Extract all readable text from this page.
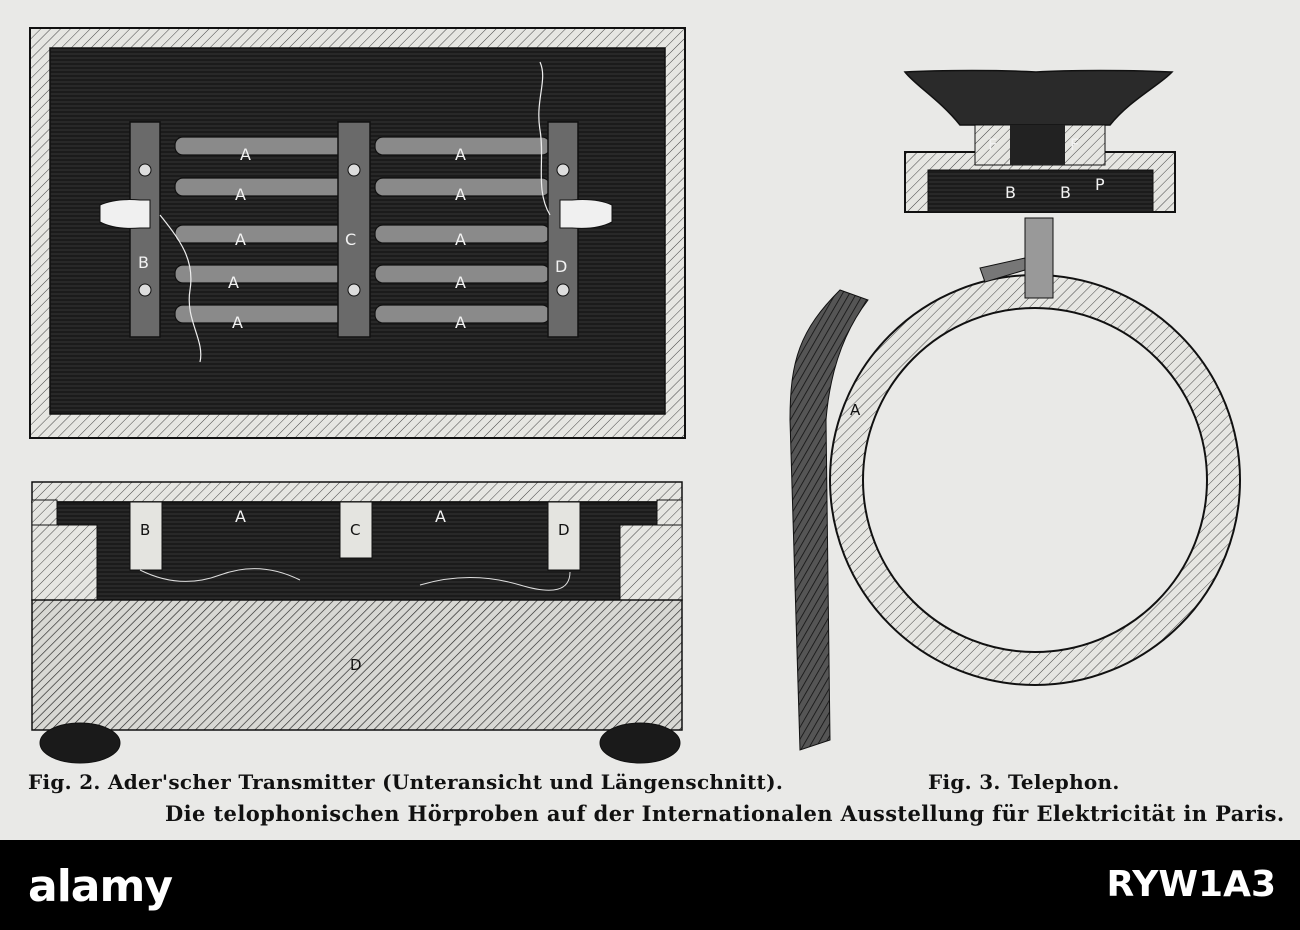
A	A
A	A
A	A
A	A
A	A
B
C
D
B	C	D
D
A	A
F	F
B	B P
A
Fig. 2. Ader'scher Transmitter (Unteransicht und Längenschnitt).	Fig. 3. Telephon.
Die telophonischen Hörproben auf der Internationalen Ausstellung für Elektricität in Paris.
alamy	RYW1A3
